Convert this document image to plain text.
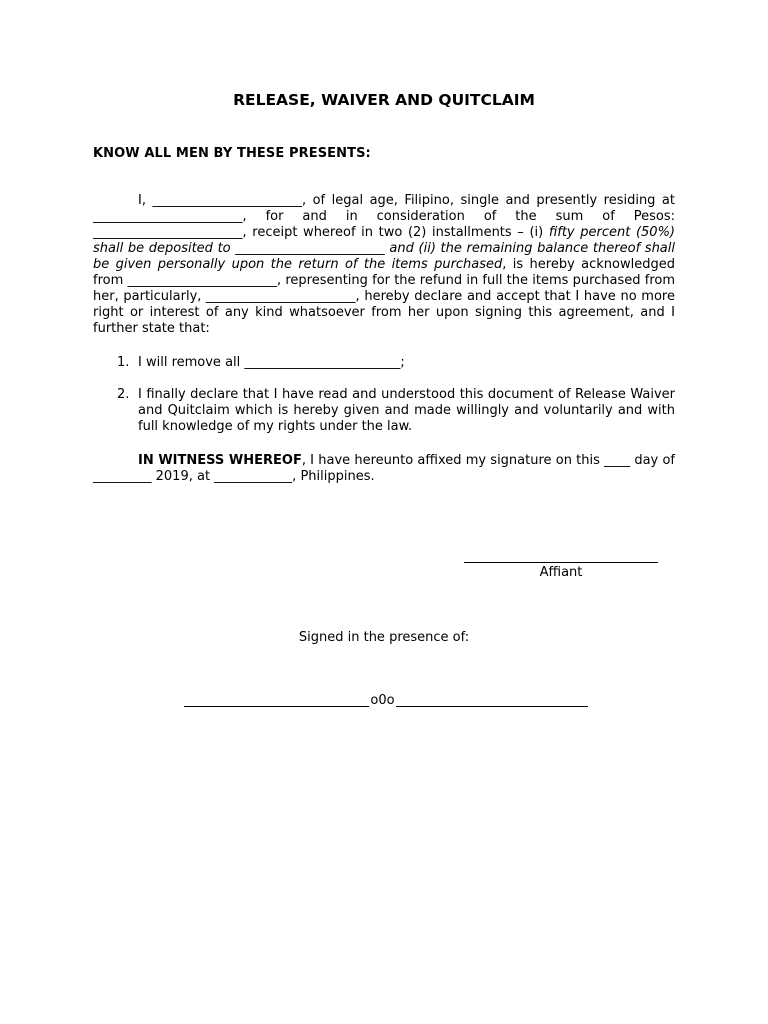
RELEASE, WAIVER AND QUITCLAIM
KNOW ALL MEN BY THESE PRESENTS:

I, _______________________, of legal age, Filipino, single and presently residing at _______________________, for and in consideration of the sum of Pesos: _______________________, receipt whereof in two (2) installments – (i) fifty percent (50%) shall be deposited to _______________________ and (ii) the remaining balance thereof shall be given personally upon the return of the items purchased, is hereby acknowledged from _______________________, representing for the refund in full the items purchased from her, particularly, _______________________, hereby declare and accept that I have no more right or interest of any kind whatsoever from her upon signing this agreement, and I further state that:

1. I will remove all ________________________;
2. I finally declare that I have read and understood this document of Release Waiver and Quitclaim which is hereby given and made willingly and voluntarily and with full knowledge of my rights under the law.
IN WITNESS WHEREOF, I have hereunto affixed my signature on this ____ day of _________ 2019, at ____________, Philippines.
Affiant
Signed in the presence of:
o0o
